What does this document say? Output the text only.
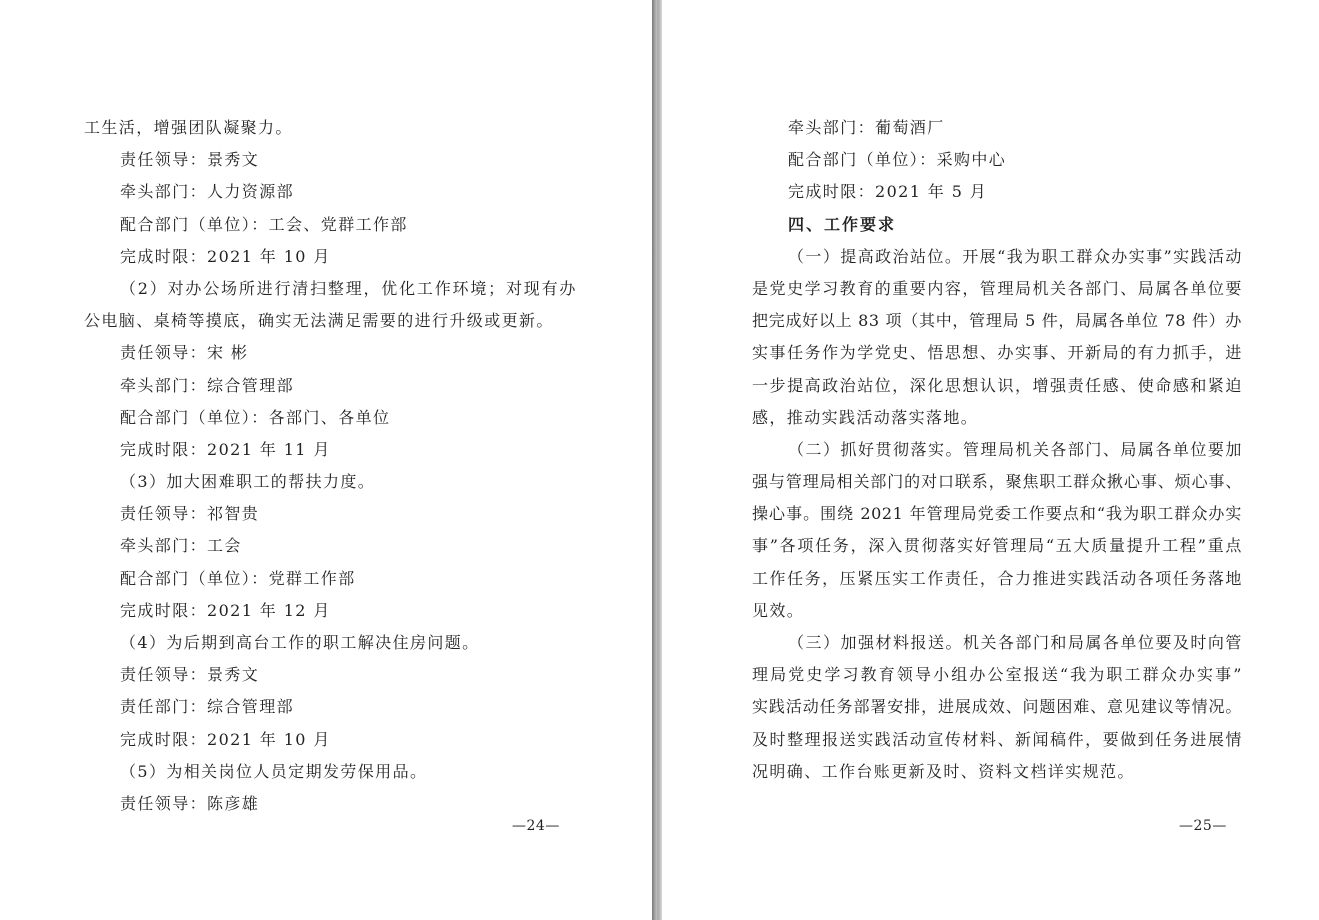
工生活，增强团队凝聚力。
责任领导：景秀文
牵头部门：人力资源部
配合部门（单位）：工会、党群工作部
完成时限：2021 年 10 月
（2）对办公场所进行清扫整理，优化工作环境；对现有办
公电脑、桌椅等摸底，确实无法满足需要的进行升级或更新。
责任领导：宋 彬
牵头部门：综合管理部
配合部门（单位）：各部门、各单位
完成时限：2021 年 11 月
（3）加大困难职工的帮扶力度。
责任领导：祁智贵
牵头部门：工会
配合部门（单位）：党群工作部
完成时限：2021 年 12 月
（4）为后期到高台工作的职工解决住房问题。
责任领导：景秀文
责任部门：综合管理部
完成时限：2021 年 10 月
（5）为相关岗位人员定期发劳保用品。
责任领导：陈彦雄
—24—
牵头部门：葡萄酒厂
配合部门（单位）：采购中心
完成时限：2021 年 5 月
四、工作要求
（一）提高政治站位。开展“我为职工群众办实事”实践活动
是党史学习教育的重要内容，管理局机关各部门、局属各单位要
把完成好以上 83 项（其中，管理局 5 件，局属各单位 78 件）办
实事任务作为学党史、悟思想、办实事、开新局的有力抓手，进
一步提高政治站位，深化思想认识，增强责任感、使命感和紧迫
感，推动实践活动落实落地。
（二）抓好贯彻落实。管理局机关各部门、局属各单位要加
强与管理局相关部门的对口联系，聚焦职工群众揪心事、烦心事、
操心事。围绕 2021 年管理局党委工作要点和“我为职工群众办实
事”各项任务，深入贯彻落实好管理局“五大质量提升工程”重点
工作任务，压紧压实工作责任，合力推进实践活动各项任务落地
见效。
（三）加强材料报送。机关各部门和局属各单位要及时向管
理局党史学习教育领导小组办公室报送“我为职工群众办实事”
实践活动任务部署安排，进展成效、问题困难、意见建议等情况。
及时整理报送实践活动宣传材料、新闻稿件，要做到任务进展情
况明确、工作台账更新及时、资料文档详实规范。
—25—
